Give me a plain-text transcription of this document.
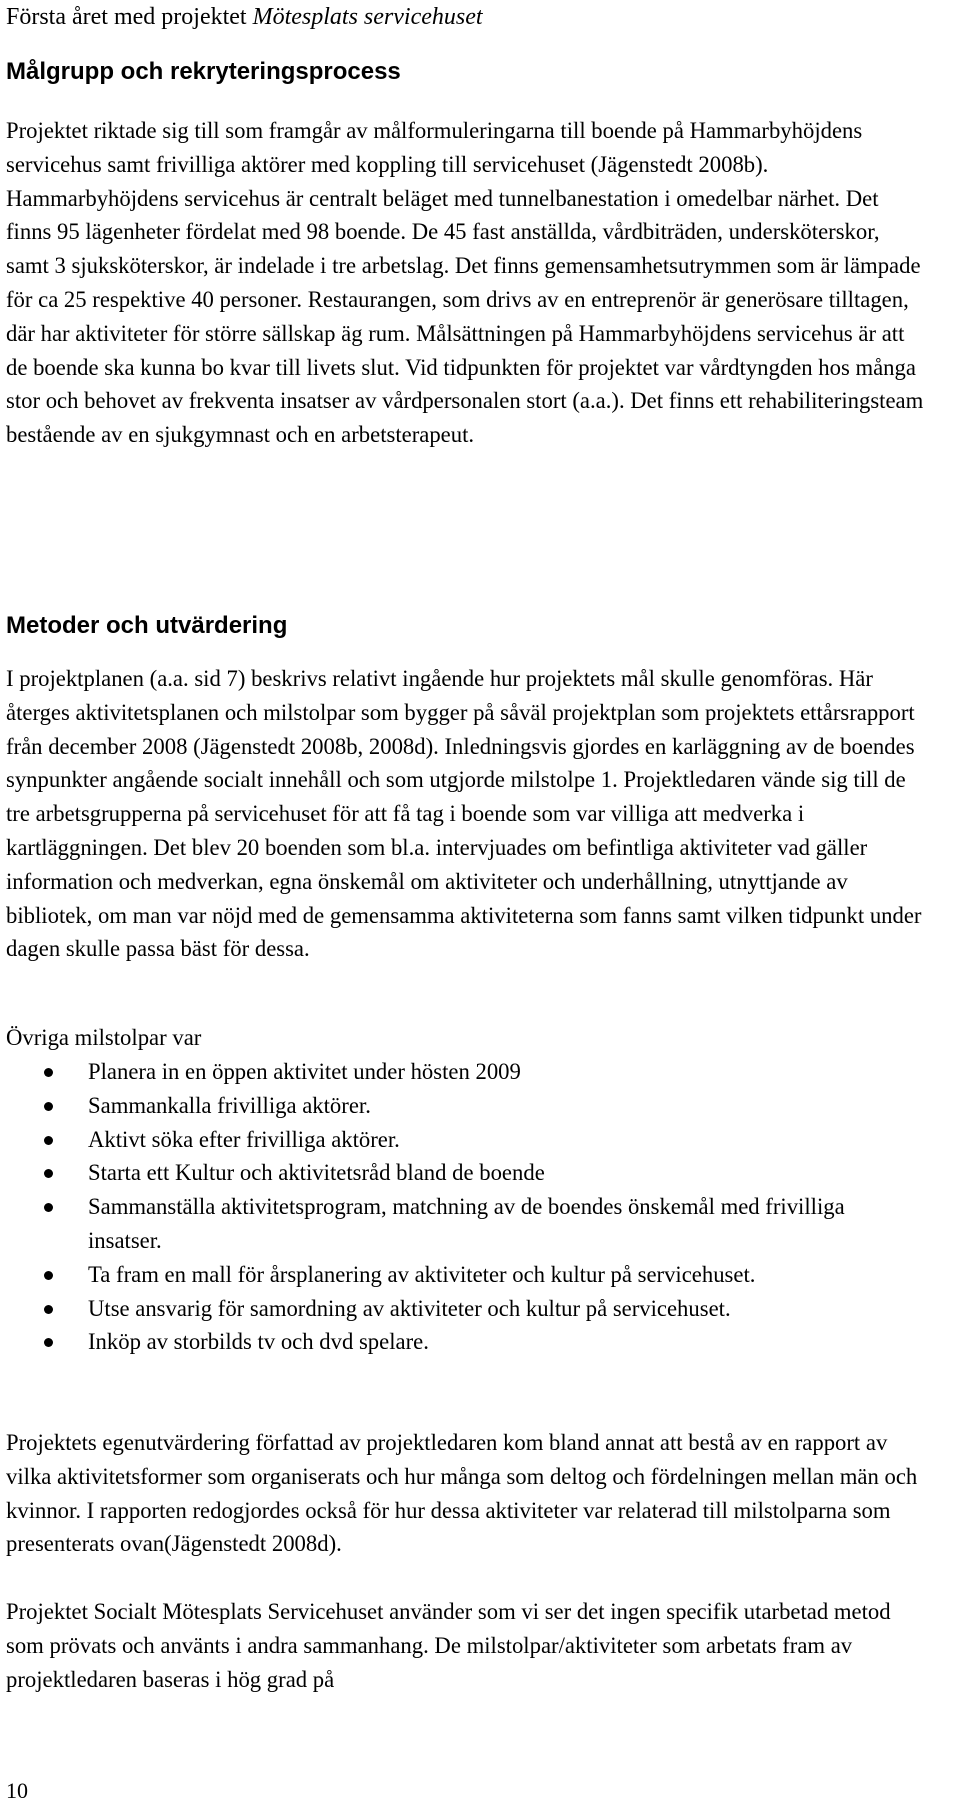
Första året med projektet Mötesplats servicehuset
Målgrupp och rekryteringsprocess

Projektet riktade sig till som framgår av målformuleringarna till boende på Hammarbyhöjdens servicehus samt frivilliga aktörer med koppling till servicehuset (Jägenstedt 2008b). Hammarbyhöjdens servicehus är centralt beläget med tunnelbanestation i omedelbar närhet. Det finns 95 lägenheter fördelat med 98 boende. De 45 fast anställda, vårdbiträden, undersköterskor, samt 3 sjuksköterskor, är indelade i tre arbetslag. Det finns gemensamhetsutrymmen som är lämpade för ca 25 respektive 40 personer. Restaurangen, som drivs av en entreprenör är generösare tilltagen, där har aktiviteter för större sällskap äg rum. Målsättningen på Hammarbyhöjdens servicehus är att de boende ska kunna bo kvar till livets slut. Vid tidpunkten för projektet var vårdtyngden hos många stor och behovet av frekventa insatser av vårdpersonalen stort (a.a.). Det finns ett rehabiliteringsteam bestående av en sjukgymnast och en arbetsterapeut.

Metoder och utvärdering

I projektplanen (a.a. sid 7) beskrivs relativt ingående hur projektets mål skulle genomföras. Här återges aktivitetsplanen och milstolpar som bygger på såväl projektplan som projektets ettårsrapport från december 2008 (Jägenstedt 2008b, 2008d). Inledningsvis gjordes en karläggning av de boendes synpunkter angående socialt innehåll och som utgjorde milstolpe 1. Projektledaren vände sig till de tre arbetsgrupperna på servicehuset för att få tag i boende som var villiga att medverka i kartläggningen. Det blev 20 boenden som bl.a. intervjuades om befintliga aktiviteter vad gäller information och medverkan, egna önskemål om aktiviteter och underhållning, utnyttjande av bibliotek, om man var nöjd med de gemensamma aktiviteterna som fanns samt vilken tidpunkt under dagen skulle passa bäst för dessa.

Övriga milstolpar var

Planera in en öppen aktivitet under hösten 2009
Sammankalla frivilliga aktörer.
Aktivt söka efter frivilliga aktörer.
Starta ett Kultur och aktivitetsråd bland de boende
Sammanställa aktivitetsprogram, matchning av de boendes önskemål med frivilliga insatser.
Ta fram en mall för årsplanering av aktiviteter och kultur på servicehuset.
Utse ansvarig för samordning av aktiviteter och kultur på servicehuset.
Inköp av storbilds tv och dvd spelare.

Projektets egenutvärdering författad av projektledaren kom bland annat att bestå av en rapport av vilka aktivitetsformer som organiserats och hur många som deltog och fördelningen mellan män och kvinnor. I rapporten redogjordes också för hur dessa aktiviteter var relaterad till milstolparna som presenterats ovan(Jägenstedt 2008d).

Projektet Socialt Mötesplats Servicehuset använder som vi ser det ingen specifik utarbetad metod som prövats och använts i andra sammanhang. De milstolpar/aktiviteter som arbetats fram av projektledaren baseras i hög grad på

10
